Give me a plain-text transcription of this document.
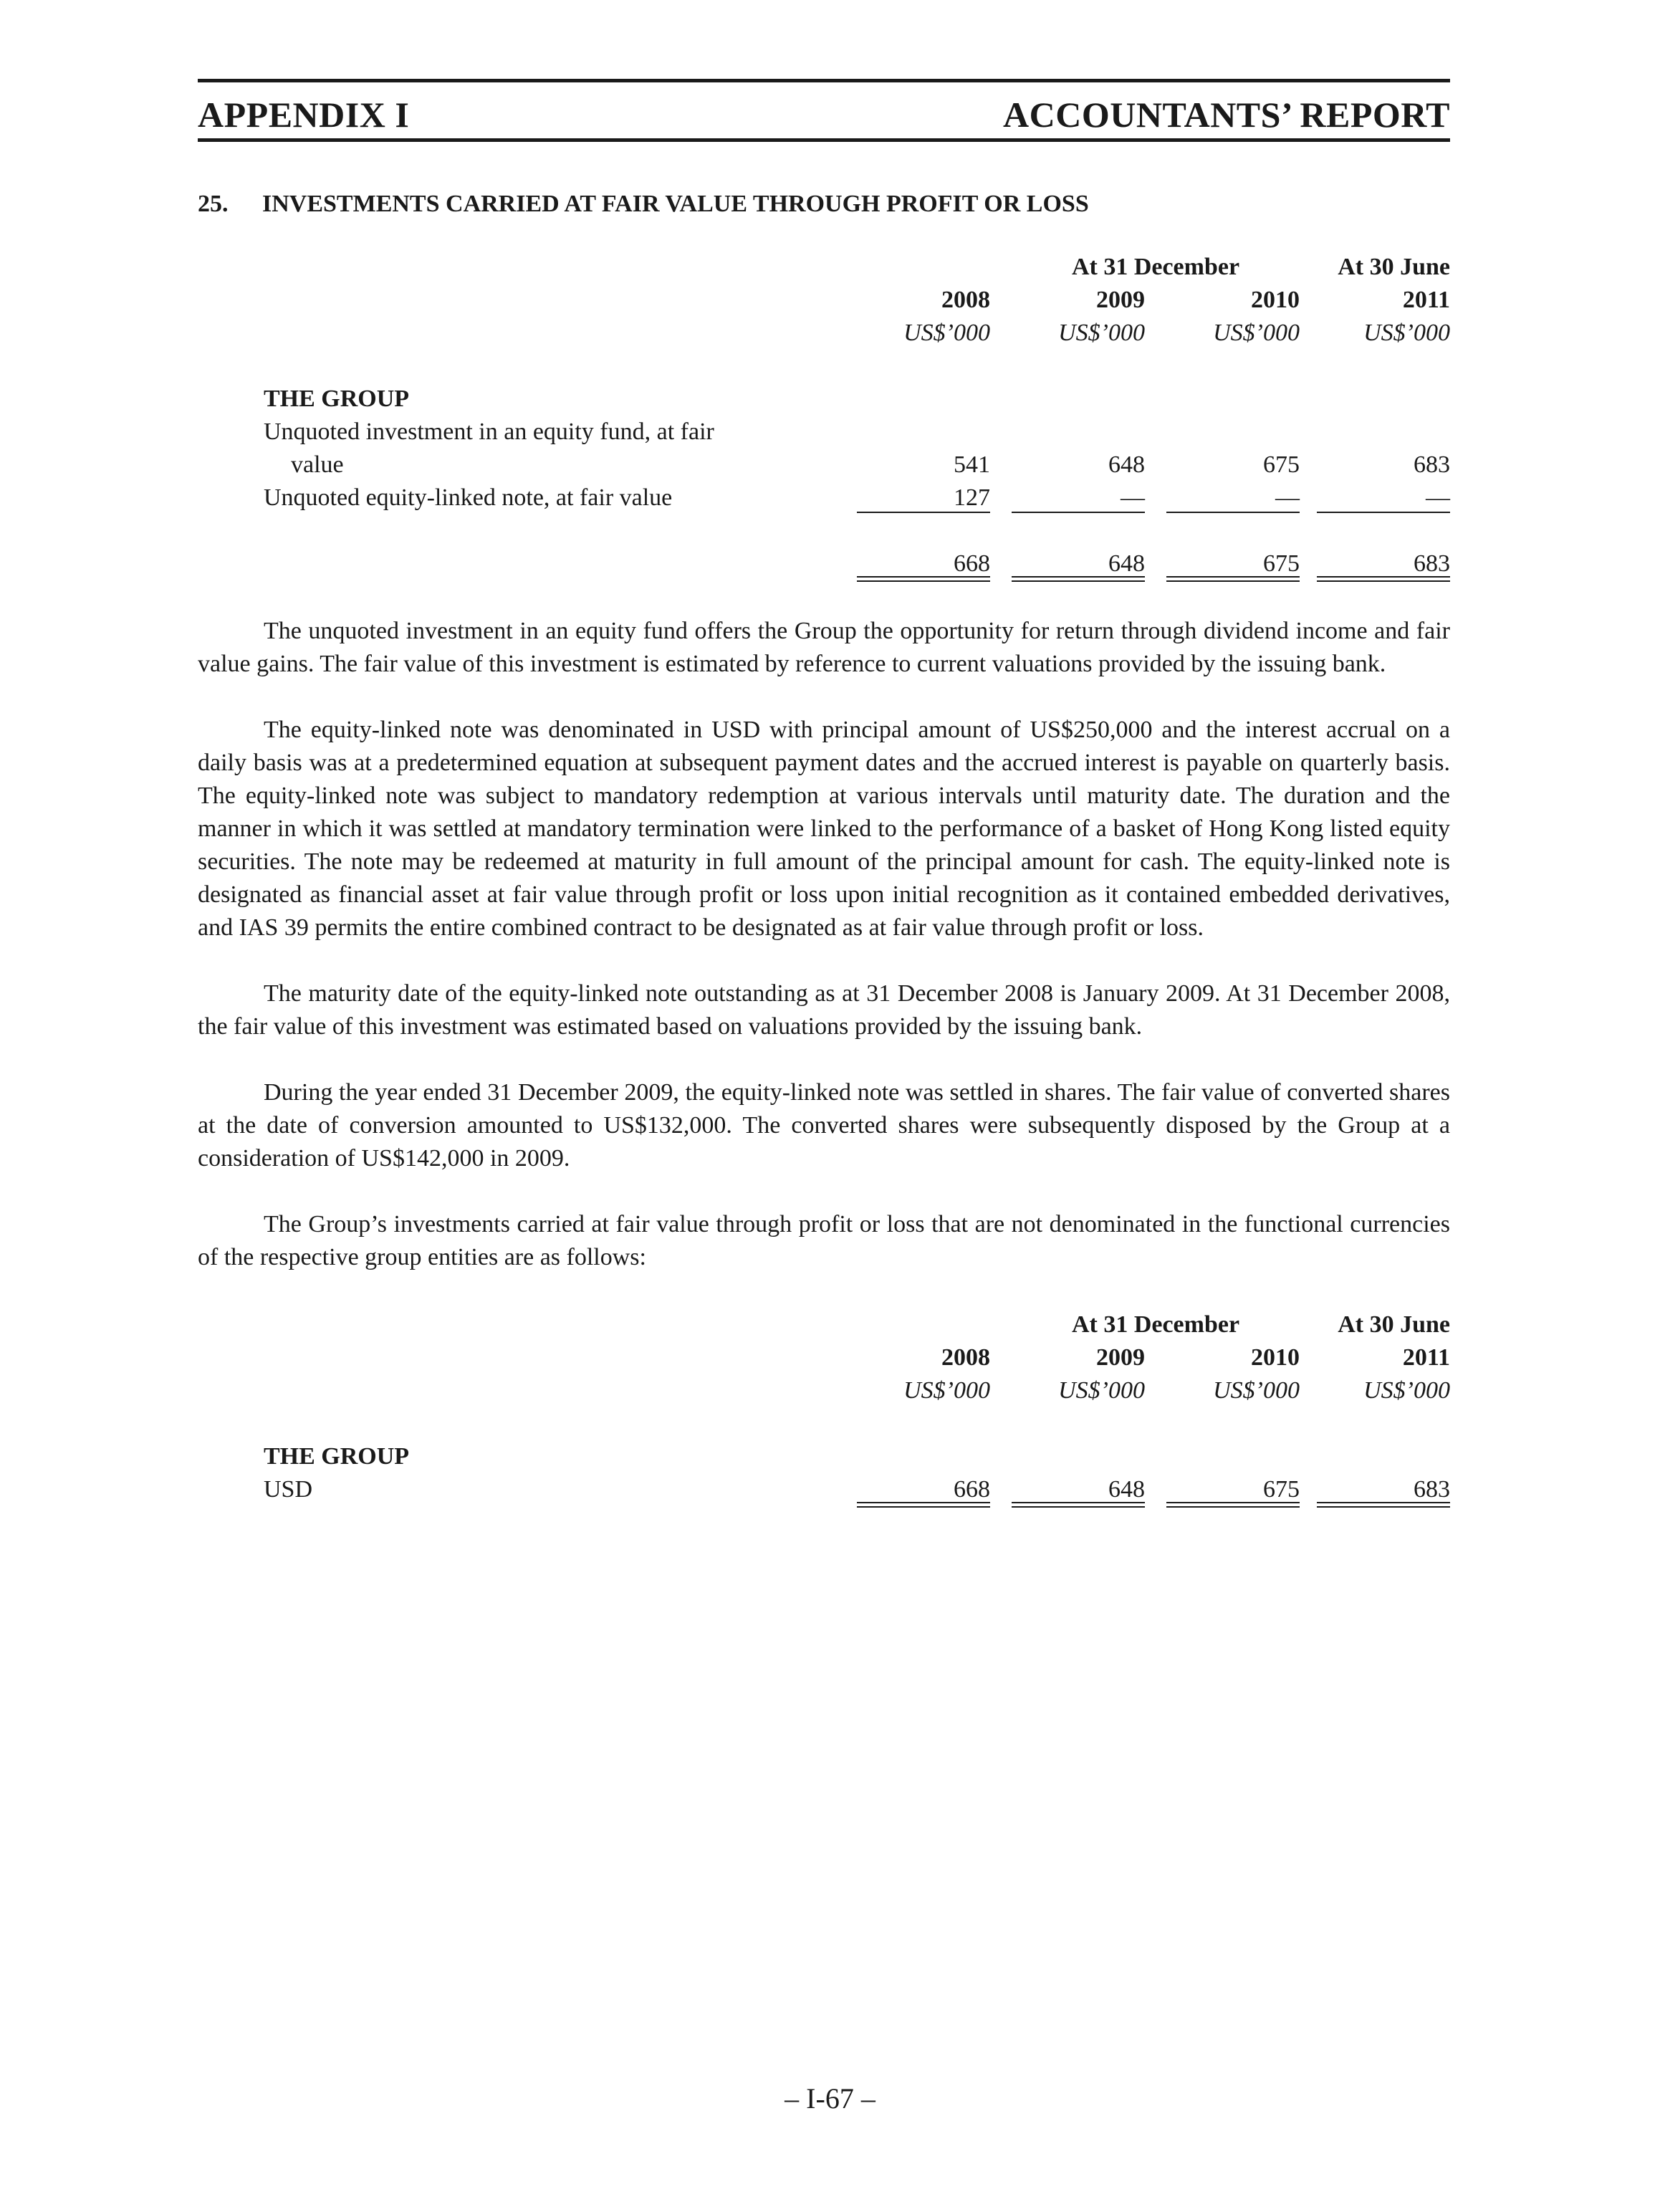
APPENDIX I	ACCOUNTANTS’ REPORT
25.	INVESTMENTS CARRIED AT FAIR VALUE THROUGH PROFIT OR LOSS
At 31 December	At 30 June
2008	2009	2010	2011
US$’000	US$’000	US$’000	US$’000
THE GROUP
Unquoted investment in an equity fund, at fair
value	541	648	675	683
Unquoted equity-linked note, at fair value	127	—	—	—
668	648	675	683

The unquoted investment in an equity fund offers the Group the opportunity for return through dividend income and fair value gains. The fair value of this investment is estimated by reference to current valuations provided by the issuing bank.

The equity-linked note was denominated in USD with principal amount of US$250,000 and the interest accrual on a daily basis was at a predetermined equation at subsequent payment dates and the accrued interest is payable on quarterly basis. The equity-linked note was subject to mandatory redemption at various intervals until maturity date. The duration and the manner in which it was settled at mandatory termination were linked to the performance of a basket of Hong Kong listed equity securities. The note may be redeemed at maturity in full amount of the principal amount for cash. The equity-linked note is designated as financial asset at fair value through profit or loss upon initial recognition as it contained embedded derivatives, and IAS 39 permits the entire combined contract to be designated as at fair value through profit or loss.

The maturity date of the equity-linked note outstanding as at 31 December 2008 is January 2009. At 31 December 2008, the fair value of this investment was estimated based on valuations provided by the issuing bank.

During the year ended 31 December 2009, the equity-linked note was settled in shares. The fair value of converted shares at the date of conversion amounted to US$132,000. The converted shares were subsequently disposed by the Group at a consideration of US$142,000 in 2009.

The Group’s investments carried at fair value through profit or loss that are not denominated in the functional currencies of the respective group entities are as follows:

At 31 December	At 30 June
2008	2009	2010	2011
US$’000	US$’000	US$’000	US$’000
THE GROUP
USD	668	648	675	683
– I-67 –
